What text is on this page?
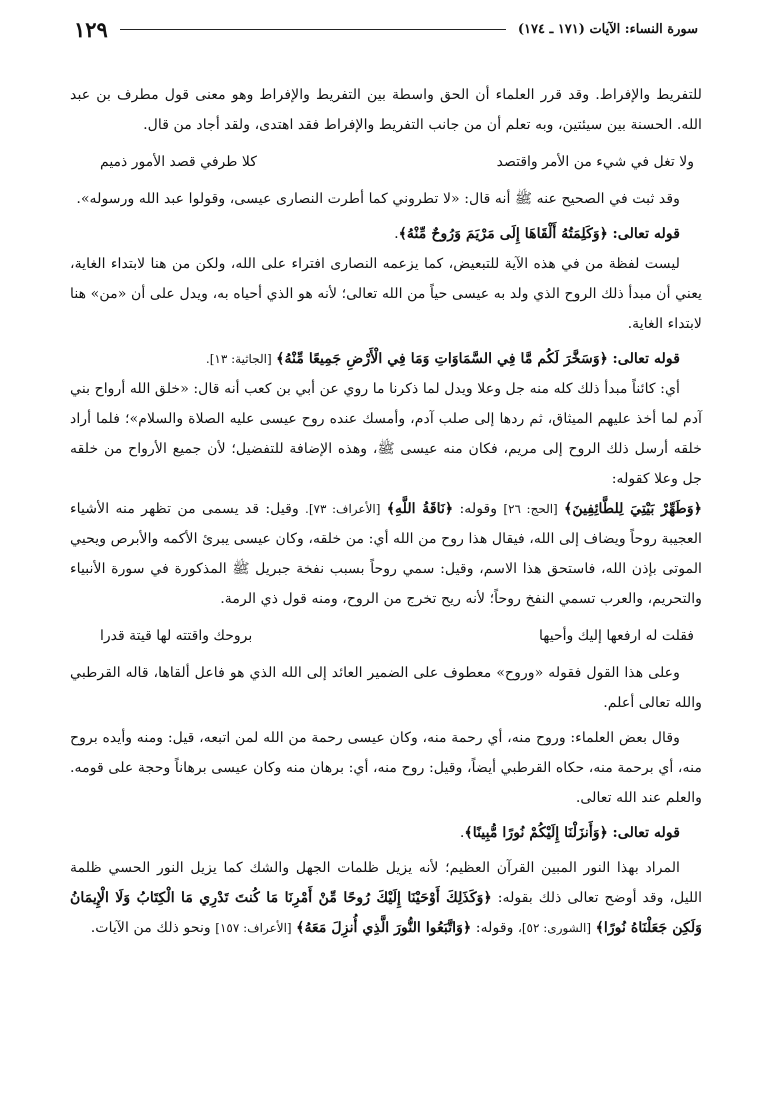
١٢٩	سورة النساء: الآيات (١٧١ ـ ١٧٤)

للتفريط والإفراط. وقد قرر العلماء أن الحق واسطة بين التفريط والإفراط وهو معنى قول مطرف بن عبد الله. الحسنة بين سيئتين، وبه تعلم أن من جانب التفريط والإفراط فقد اهتدى، ولقد أجاد من قال.

ولا تغل في شيء من الأمر واقتصد
كلا طرفي قصد الأمور ذميم

وقد ثبت في الصحيح عنه ﷺ أنه قال: «لا تطروني كما أطرت النصارى عيسى، وقولوا عبد الله ورسوله».

قوله تعالى: ﴿وَكَلِمَتُهُ أَلْقَاهَا إِلَى مَرْيَمَ وَرُوحٌ مِّنْهُ﴾.

ليست لفظة من في هذه الآية للتبعيض، كما يزعمه النصارى افتراء على الله، ولكن من هنا لابتداء الغاية، يعني أن مبدأ ذلك الروح الذي ولد به عيسى حياً من الله تعالى؛ لأنه هو الذي أحياه به، ويدل على أن «من» هنا لابتداء الغاية.

قوله تعالى: ﴿وَسَخَّرَ لَكُم مَّا فِي السَّمَاوَاتِ وَمَا فِي الْأَرْضِ جَمِيعًا مِّنْهُ﴾ [الجاثية: ١٣].

أي: كائناً مبدأ ذلك كله منه جل وعلا ويدل لما ذكرنا ما روي عن أبي بن كعب أنه قال: «خلق الله أرواح بني آدم لما أخذ عليهم الميثاق، ثم ردها إلى صلب آدم، وأمسك عنده روح عيسى عليه الصلاة والسلام»؛ فلما أراد خلقه أرسل ذلك الروح إلى مريم، فكان منه عيسى ﷺ، وهذه الإضافة للتفضيل؛ لأن جميع الأرواح من خلقه جل وعلا كقوله:

﴿وَطَهِّرْ بَيْتِيَ لِلطَّائِفِينَ﴾ [الحج: ٢٦] وقوله: ﴿نَاقَةُ اللَّهِ﴾ [الأعراف: ٧٣]. وقيل: قد يسمى من تظهر منه الأشياء العجيبة روحاً ويضاف إلى الله، فيقال هذا روح من الله أي: من خلقه، وكان عيسى يبرئ الأكمه والأبرص ويحيي الموتى بإذن الله، فاستحق هذا الاسم، وقيل: سمي روحاً بسبب نفخة جبريل ﷺ المذكورة في سورة الأنبياء والتحريم، والعرب تسمي النفخ روحاً؛ لأنه ريح تخرج من الروح، ومنه قول ذي الرمة.

فقلت له ارفعها إليك وأحيها
بروحك واقتته لها قيتة قدرا

وعلى هذا القول فقوله «وروح» معطوف على الضمير العائد إلى الله الذي هو فاعل ألقاها، قاله القرطبي والله تعالى أعلم.

وقال بعض العلماء: وروح منه، أي رحمة منه، وكان عيسى رحمة من الله لمن اتبعه، قيل: ومنه وأيده بروح منه، أي برحمة منه، حكاه القرطبي أيضاً، وقيل: روح منه، أي: برهان منه وكان عيسى برهاناً وحجة على قومه. والعلم عند الله تعالى.

قوله تعالى: ﴿وَأَنزَلْنَا إِلَيْكُمْ نُورًا مُّبِينًا﴾.

المراد بهذا النور المبين القرآن العظيم؛ لأنه يزيل ظلمات الجهل والشك كما يزيل النور الحسي ظلمة الليل، وقد أوضح تعالى ذلك بقوله: ﴿وَكَذَلِكَ أَوْحَيْنَا إِلَيْكَ رُوحًا مِّنْ أَمْرِنَا مَا كُنتَ تَدْرِي مَا الْكِتَابُ وَلَا الْإِيمَانُ وَلَكِن جَعَلْنَاهُ نُورًا﴾ [الشورى: ٥٢]، وقوله: ﴿وَاتَّبَعُوا النُّورَ الَّذِي أُنزِلَ مَعَهُ﴾ [الأعراف: ١٥٧] ونحو ذلك من الآيات.
